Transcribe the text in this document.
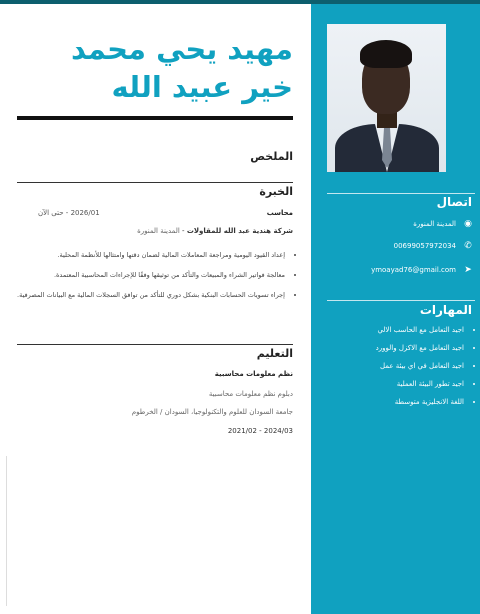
اتصال
◉
المدينة المنورة
✆
00699057972034
➤
ymoayad76@gmail.com
المهارات
• اجيد التعامل مع الحاسب الالي
• اجيد التعامل مع الاكزل والوورد
• اجيد التعامل في اي بيئة عمل
• اجيد تطور البيئة العملية
• اللغة الانجليزية متوسطة
مهيد يحي محمد خير عبيد الله
الملخص
الخبرة
محاسب
2026/01 - حتى الآن
شركة هندية عبد الله للمقاولات - المدينة المنورة
• إعداد القيود اليومية ومراجعة المعاملات المالية لضمان دقتها وامتثالها للأنظمة المحلية.
• معالجة فواتير الشراء والمبيعات والتأكد من توثيقها وفقًا للإجراءات المحاسبية المعتمدة.
• إجراء تسويات الحسابات البنكية بشكل دوري للتأكد من توافق السجلات المالية مع البيانات المصرفية.
التعليم
نظم معلومات محاسبية
دبلوم نظم معلومات محاسبية
جامعة السودان للعلوم والتكنولوجيا، السودان / الخرطوم
2024/03 - 2021/02
